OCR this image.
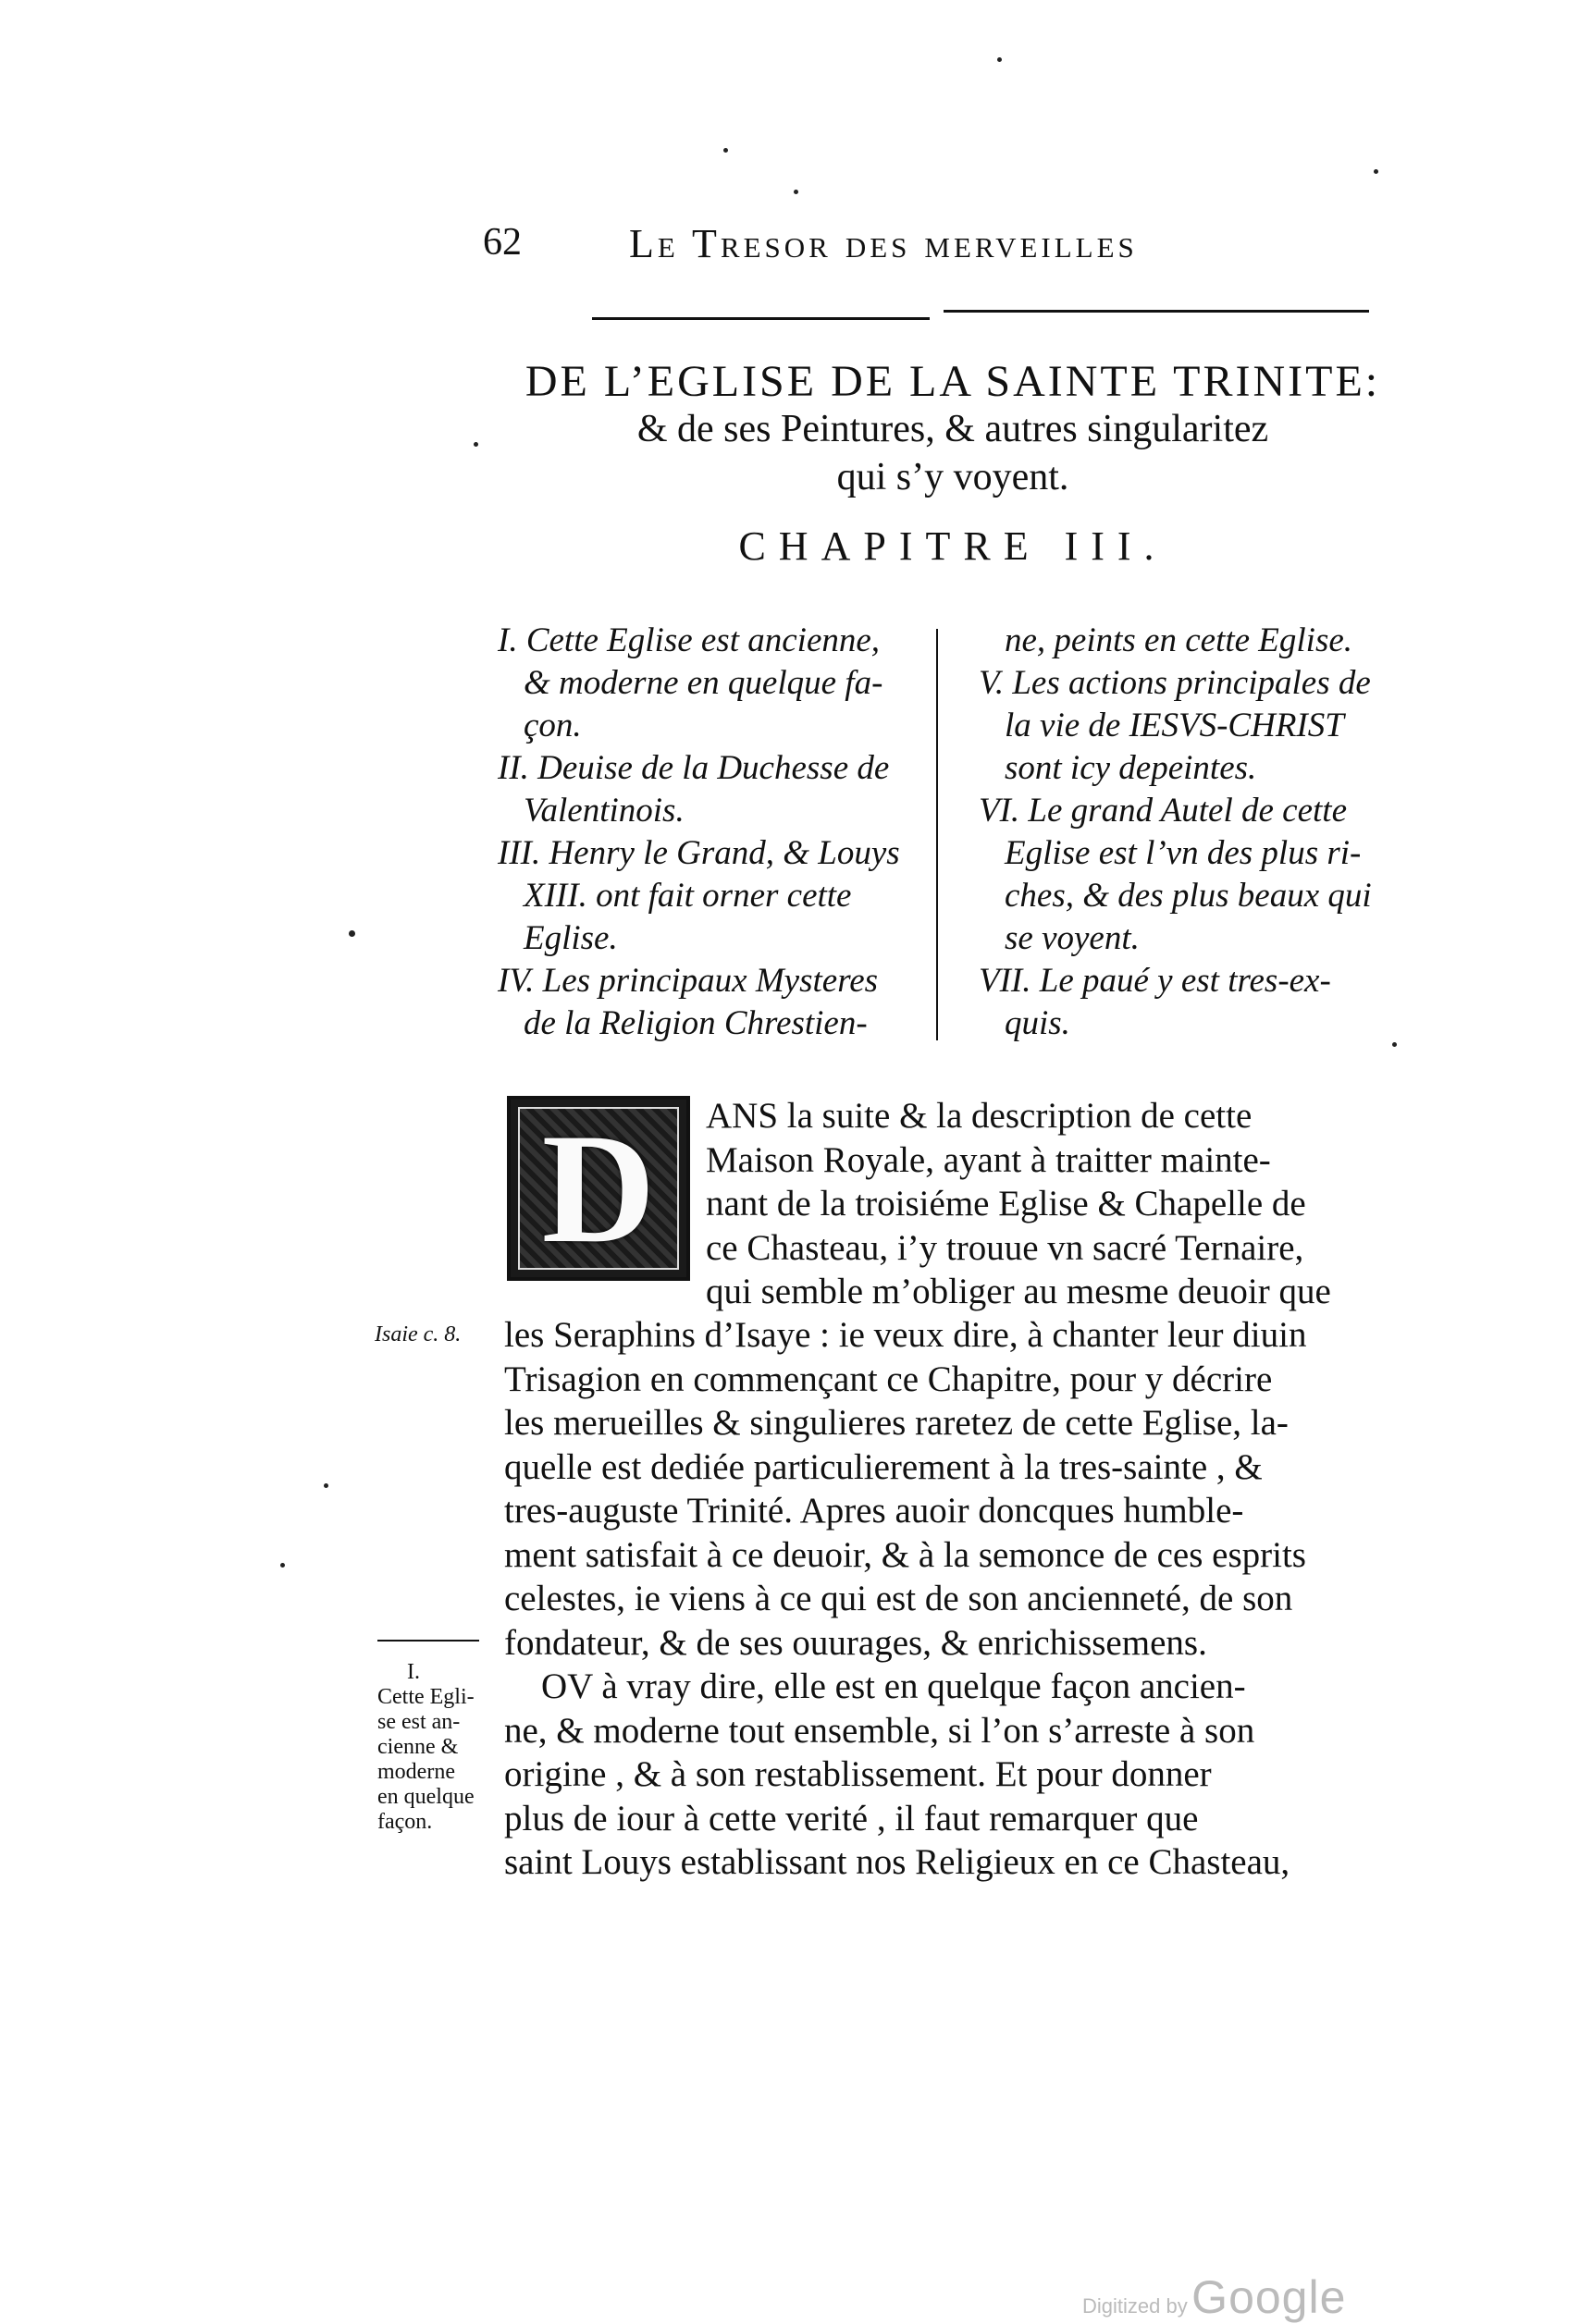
62	Le Tresor des merveilles
DE L’EGLISE DE LA SAINTE TRINITE:
& de ses Peintures, & autres singularitez
qui s’y voyent.
CHAPITRE III.

I. Cette Eglise est ancienne,

& moderne en quelque fa-

çon.

II. Deuise de la Duchesse de

Valentinois.

III. Henry le Grand, & Louys

XIII. ont fait orner cette

Eglise.

IV. Les principaux Mysteres

de la Religion Chrestien-

ne, peints en cette Eglise.

V. Les actions principales de

la vie de IESVS-CHRIST

sont icy depeintes.

VI. Le grand Autel de cette

Eglise est l’vn des plus ri-

ches, & des plus beaux qui

se voyent.

VII. Le paué y est tres-ex-

quis.

D	ANS la suite & la description de cette

Maison Royale, ayant à traitter mainte-

nant de la troisiéme Eglise & Chapelle de

ce Chasteau, i’y trouue vn sacré Ternaire,

qui semble m’obliger au mesme deuoir que

les Seraphins d’Isaye : ie veux dire, à chanter leur diuin

Trisagion en commençant ce Chapitre, pour y décrire

les merueilles & singulieres raretez de cette Eglise, la-

quelle est dediée particulierement à la tres-sainte , &

tres-auguste Trinité. Apres auoir doncques humble-

ment satisfait à ce deuoir, & à la semonce de ces esprits

celestes, ie viens à ce qui est de son ancienneté, de son

fondateur, & de ses ouurages, & enrichissemens.

OV à vray dire, elle est en quelque façon ancien-

ne, & moderne tout ensemble, si l’on s’arreste à son

origine , & à son restablissement. Et pour donner

plus de iour à cette verité , il faut remarquer que

saint Louys establissant nos Religieux en ce Chasteau,

Isaie c. 8.
I.
Cette Egli-
se est an-
cienne &
moderne
en quelque
façon.
Digitized by Google
